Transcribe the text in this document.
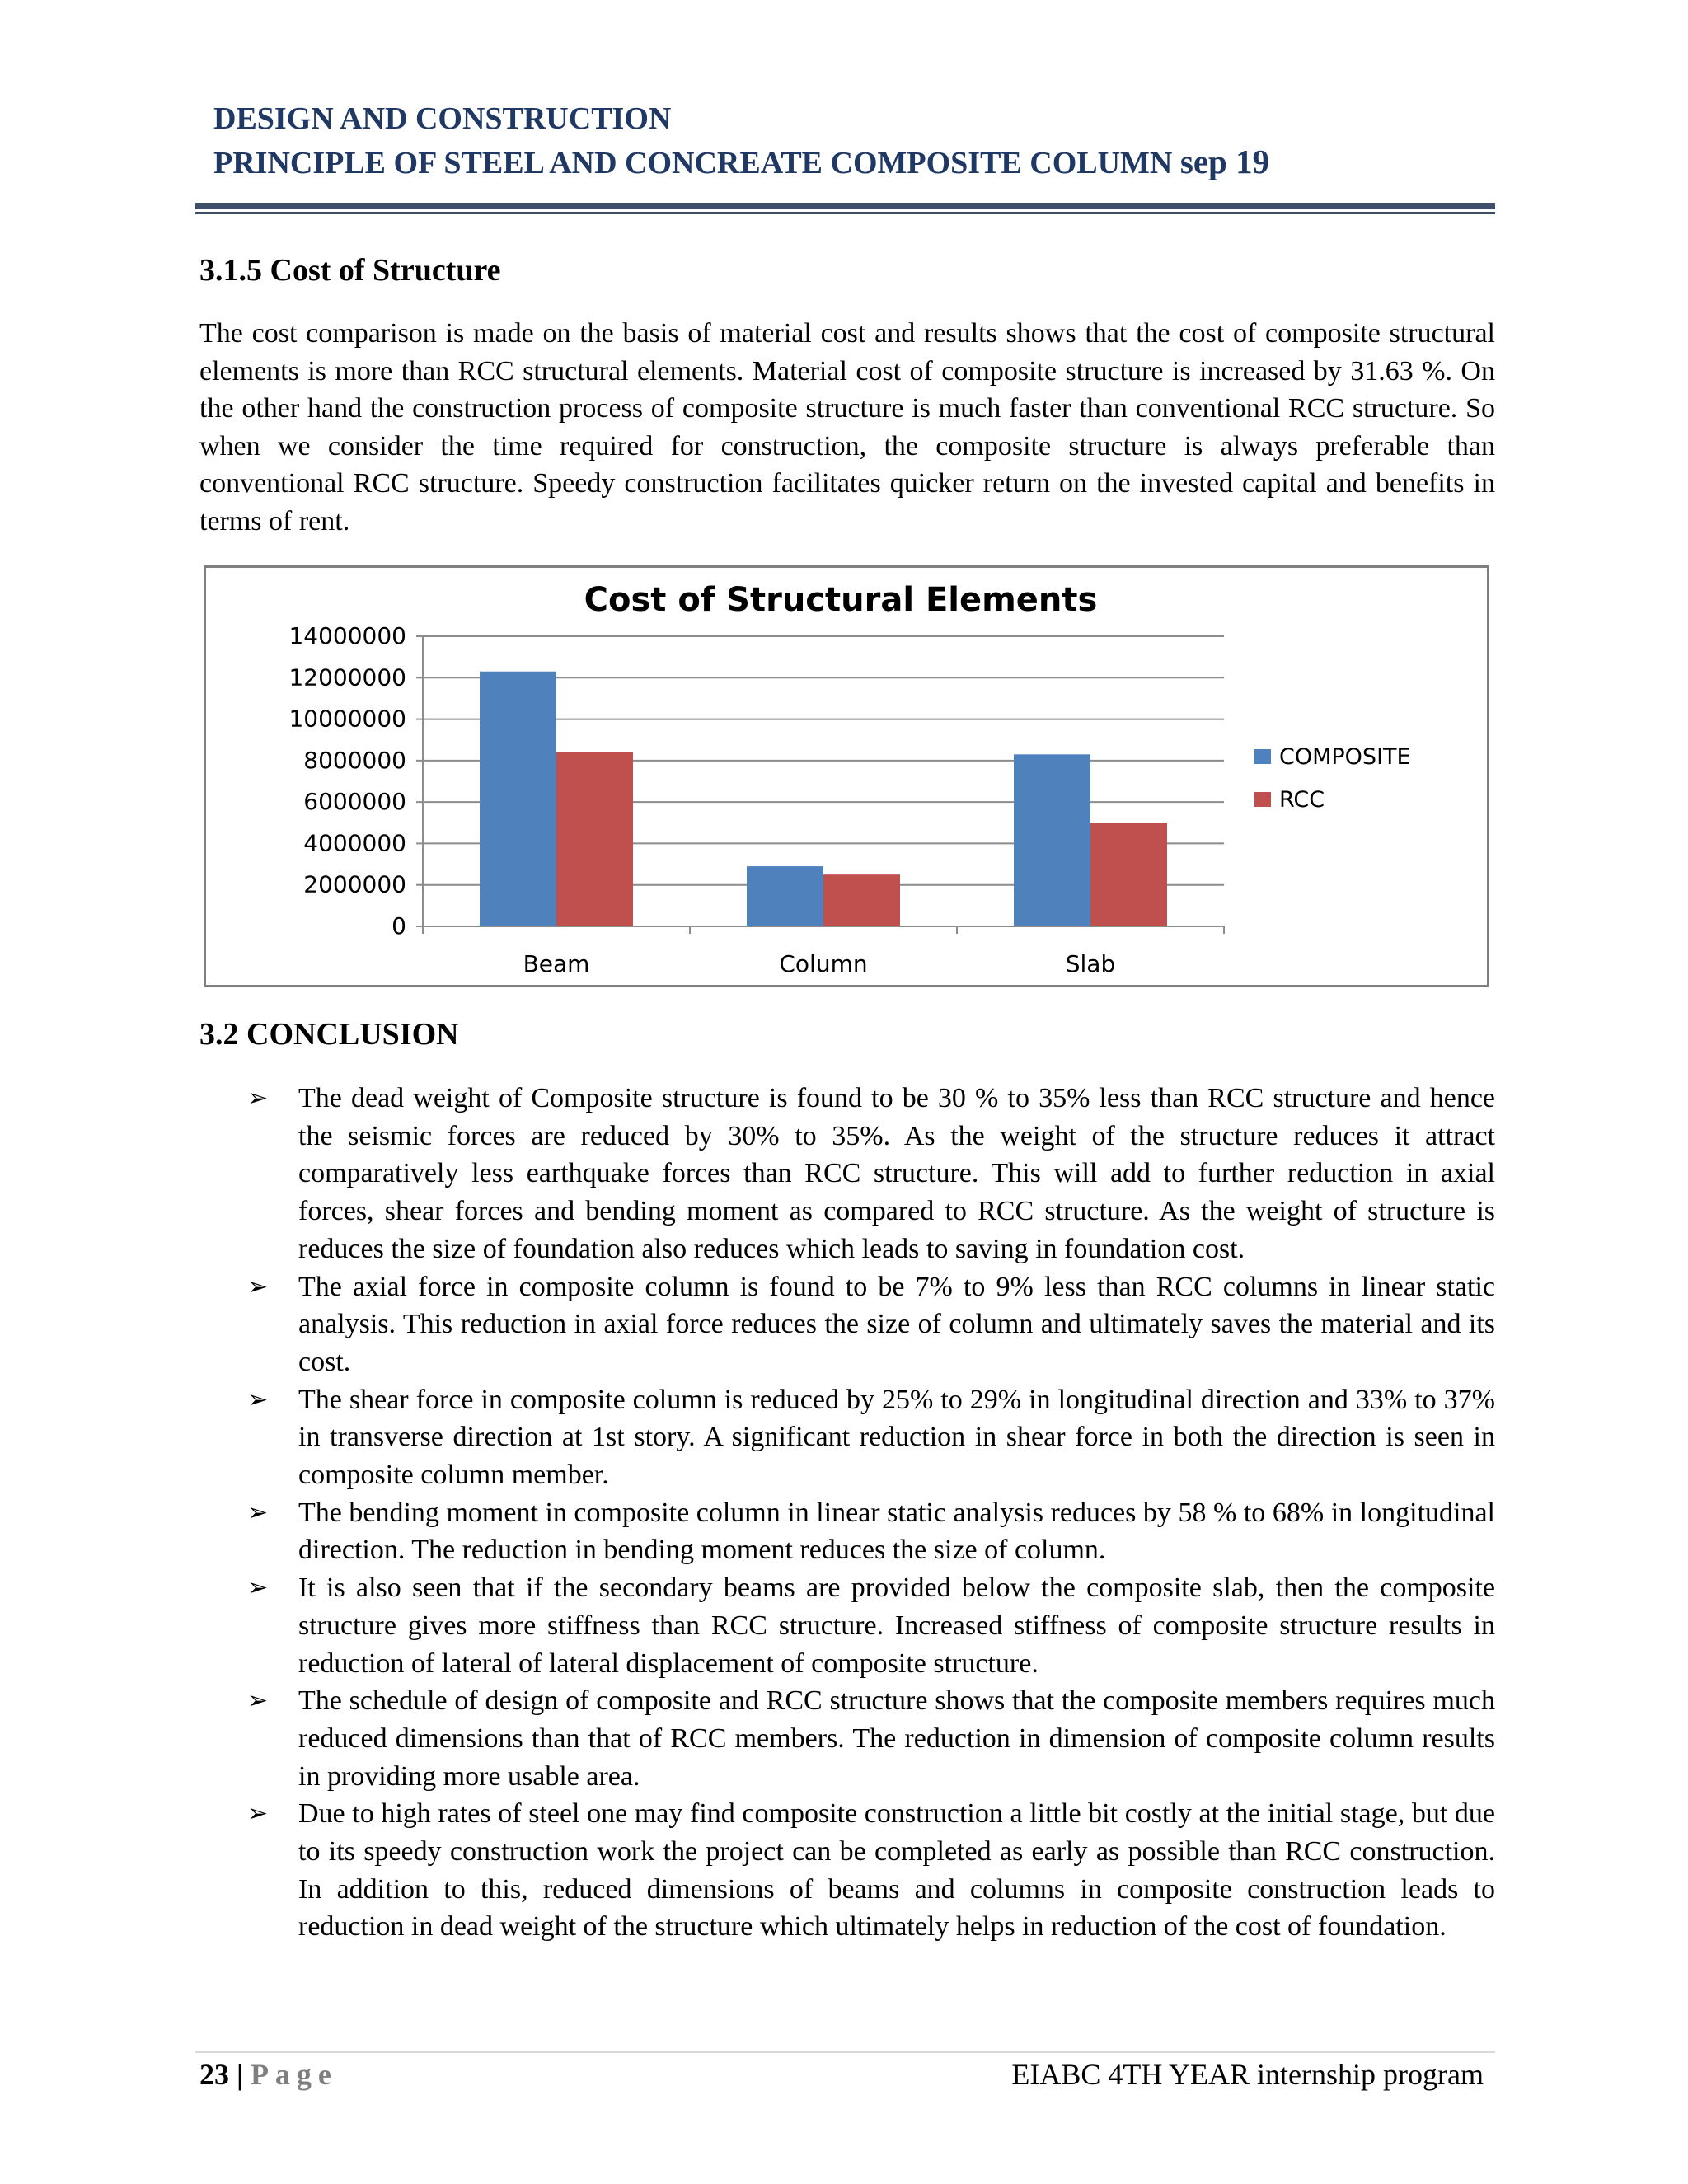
DESIGN AND CONSTRUCTION
PRINCIPLE OF STEEL AND CONCREATE COMPOSITE COLUMN sep 19
3.1.5 Cost of Structure
The cost comparison is made on the basis of material cost and results shows that the cost of composite structural elements is more than RCC structural elements. Material cost of composite structure is increased by 31.63 %. On the other hand the construction process of composite structure is much faster than conventional RCC structure. So when we consider the time required for construction, the composite structure is always preferable than conventional RCC structure. Speedy construction facilitates quicker return on the invested capital and benefits in terms of rent.
Cost of Structural Elements
14000000
12000000
10000000
8000000
6000000
4000000
2000000
0
Beam	Column	Slab
COMPOSITE
RCC
3.2 CONCLUSION
➢ The dead weight of Composite structure is found to be 30 % to 35% less than RCC structure and hence the seismic forces are reduced by 30% to 35%. As the weight of the structure reduces it attract comparatively less earthquake forces than RCC structure. This will add to further reduction in axial forces, shear forces and bending moment as compared to RCC structure. As the weight of structure is reduces the size of foundation also reduces which leads to saving in foundation cost.
➢ The axial force in composite column is found to be 7% to 9% less than RCC columns in linear static analysis. This reduction in axial force reduces the size of column and ultimately saves the material and its cost.
➢ The shear force in composite column is reduced by 25% to 29% in longitudinal direction and 33% to 37% in transverse direction at 1st story. A significant reduction in shear force in both the direction is seen in composite column member.
➢ The bending moment in composite column in linear static analysis reduces by 58 % to 68% in longitudinal direction. The reduction in bending moment reduces the size of column.
➢ It is also seen that if the secondary beams are provided below the composite slab, then the composite structure gives more stiffness than RCC structure. Increased stiffness of composite structure results in reduction of lateral of lateral displacement of composite structure.
➢ The schedule of design of composite and RCC structure shows that the composite members requires much reduced dimensions than that of RCC members. The reduction in dimension of composite column results in providing more usable area.
➢ Due to high rates of steel one may find composite construction a little bit costly at the initial stage, but due to its speedy construction work the project can be completed as early as possible than RCC construction. In addition to this, reduced dimensions of beams and columns in composite construction leads to reduction in dead weight of the structure which ultimately helps in reduction of the cost of foundation.
23 | Page	EIABC 4TH YEAR internship program
